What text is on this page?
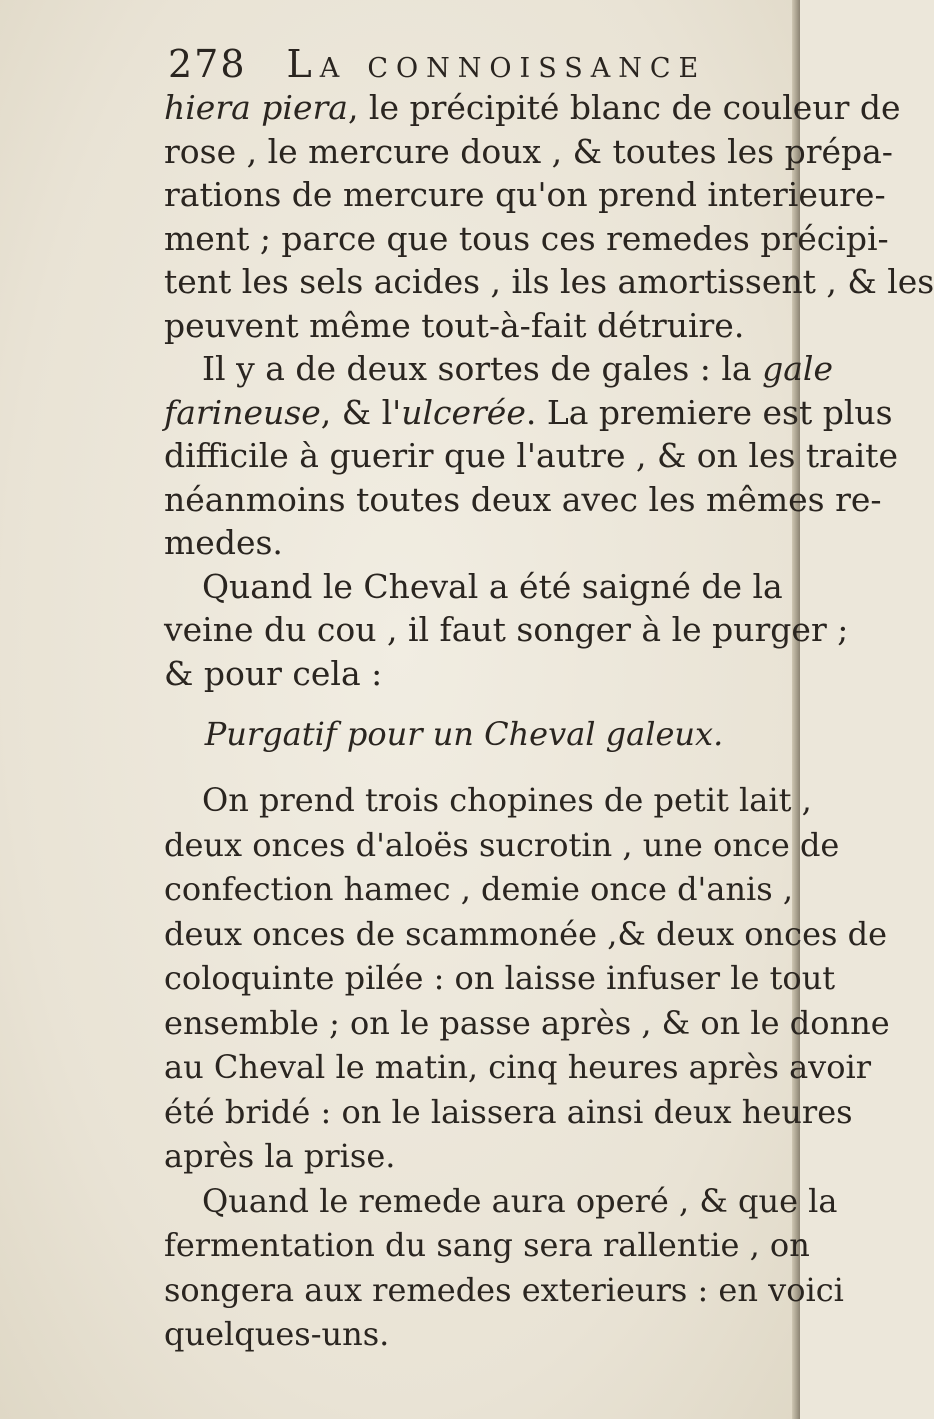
278 La connoissance
hiera piera, le précipité blanc de couleur de
rose , le mercure doux , & toutes les prépa-
rations de mercure qu'on prend interieure-
ment ; parce que tous ces remedes précipi-
tent les sels acides , ils les amortissent , & les
peuvent même tout-à-fait détruire.
Il y a de deux sortes de gales : la gale
farineuse, & l'ulcerée. La premiere est plus
difficile à guerir que l'autre , & on les traite
néanmoins toutes deux avec les mêmes re-
medes.
Quand le Cheval a été saigné de la
veine du cou , il faut songer à le purger ;
& pour cela :
Purgatif pour un Cheval galeux.
On prend trois chopines de petit lait ,
deux onces d'aloës sucrotin , une once de
confection hamec , demie once d'anis ,
deux onces de scammonée ,& deux onces de
coloquinte pilée : on laisse infuser le tout
ensemble ; on le passe après , & on le donne
au Cheval le matin, cinq heures après avoir
été bridé : on le laissera ainsi deux heures
après la prise.
Quand le remede aura operé , & que la
fermentation du sang sera rallentie , on
songera aux remedes exterieurs : en voici
quelques-uns.
